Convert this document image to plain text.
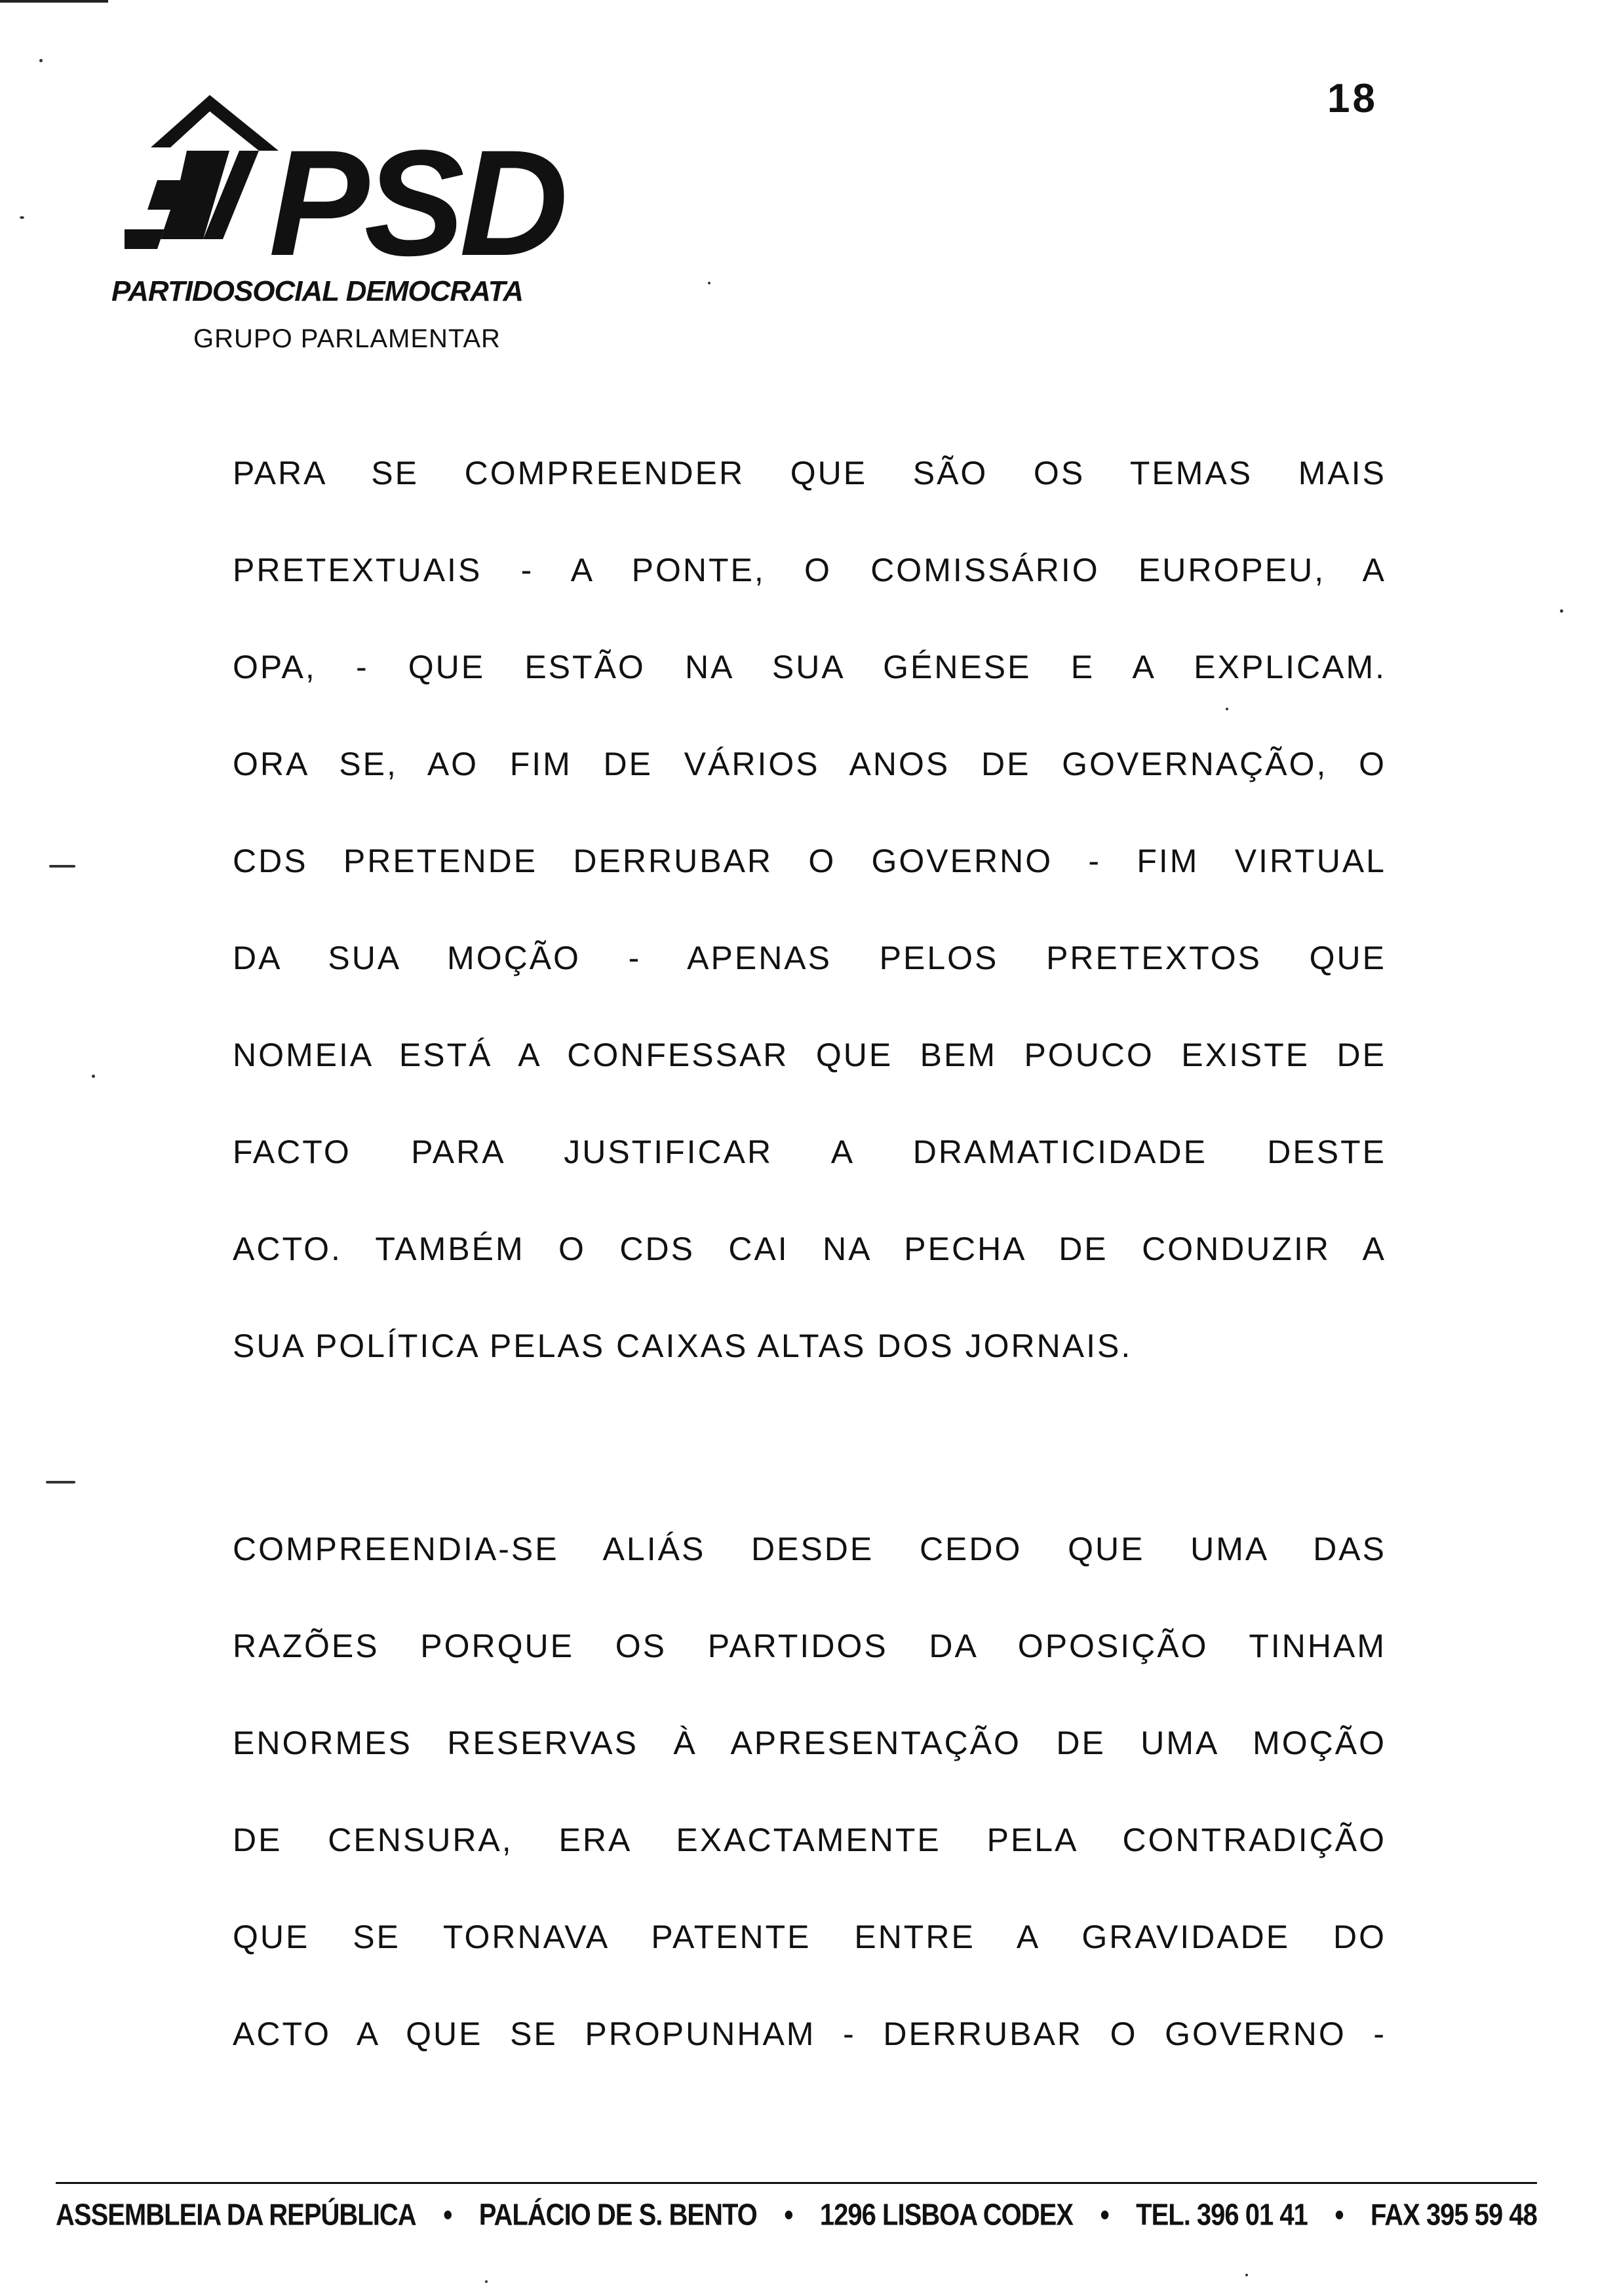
18
PSD
PARTIDOSOCIAL DEMOCRATA
GRUPO PARLAMENTAR
PARA SE COMPREENDER QUE SÃO OS TEMAS MAIS
PRETEXTUAIS - A PONTE, O COMISSÁRIO EUROPEU, A
OPA, - QUE ESTÃO NA SUA GÉNESE E A EXPLICAM.
ORA SE, AO FIM DE VÁRIOS ANOS DE GOVERNAÇÃO, O
CDS PRETENDE DERRUBAR O GOVERNO - FIM VIRTUAL
DA SUA MOÇÃO - APENAS PELOS PRETEXTOS QUE
NOMEIA ESTÁ A CONFESSAR QUE BEM POUCO EXISTE DE
FACTO PARA JUSTIFICAR A DRAMATICIDADE DESTE
ACTO. TAMBÉM O CDS CAI NA PECHA DE CONDUZIR A
SUA POLÍTICA PELAS CAIXAS ALTAS DOS JORNAIS.
COMPREENDIA-SE ALIÁS DESDE CEDO QUE UMA DAS
RAZÕES PORQUE OS PARTIDOS DA OPOSIÇÃO TINHAM
ENORMES RESERVAS À APRESENTAÇÃO DE UMA MOÇÃO
DE CENSURA, ERA EXACTAMENTE PELA CONTRADIÇÃO
QUE SE TORNAVA PATENTE ENTRE A GRAVIDADE DO
ACTO A QUE SE PROPUNHAM - DERRUBAR O GOVERNO -
ASSEMBLEIA DA REPÚBLICA • PALÁCIO DE S. BENTO • 1296 LISBOA CODEX • TEL. 396 01 41 • FAX 395 59 48
